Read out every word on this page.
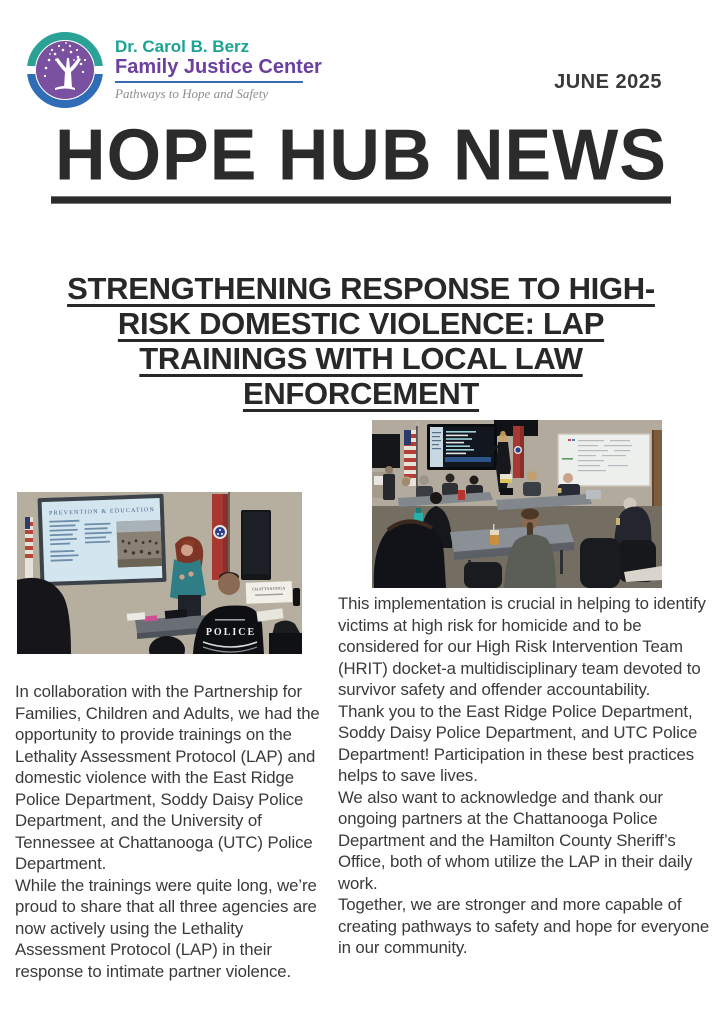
Dr. Carol B. Berz
Family Justice Center
Pathways to Hope and Safety
JUNE 2025
HOPE HUB NEWS
STRENGTHENING RESPONSE TO HIGH-
RISK DOMESTIC VIOLENCE: LAP
TRAININGS WITH LOCAL LAW
ENFORCEMENT
PREVENTION & EDUCATION
CHATTANOOGA
POLICE

In collaboration with the Partnership for Families, Children and Adults, we had the opportunity to provide trainings on the Lethality Assessment Protocol (LAP) and domestic violence with the East Ridge Police Department, Soddy Daisy Police Department, and the University of Tennessee at Chattanooga (UTC) Police Department.

While the trainings were quite long, we’re proud to share that all three agencies are now actively using the Lethality Assessment Protocol (LAP) in their response to intimate partner violence.

This implementation is crucial in helping to identify victims at high risk for homicide and to be considered for our High Risk Intervention Team (HRIT) docket-a multidisciplinary team devoted to survivor safety and offender accountability.

Thank you to the East Ridge Police Department, Soddy Daisy Police Department, and UTC Police Department! Participation in these best practices helps to save lives.

We also want to acknowledge and thank our ongoing partners at the Chattanooga Police Department and the Hamilton County Sheriff’s Office, both of whom utilize the LAP in their daily work.

Together, we are stronger and more capable of creating pathways to safety and hope for everyone in our community.
